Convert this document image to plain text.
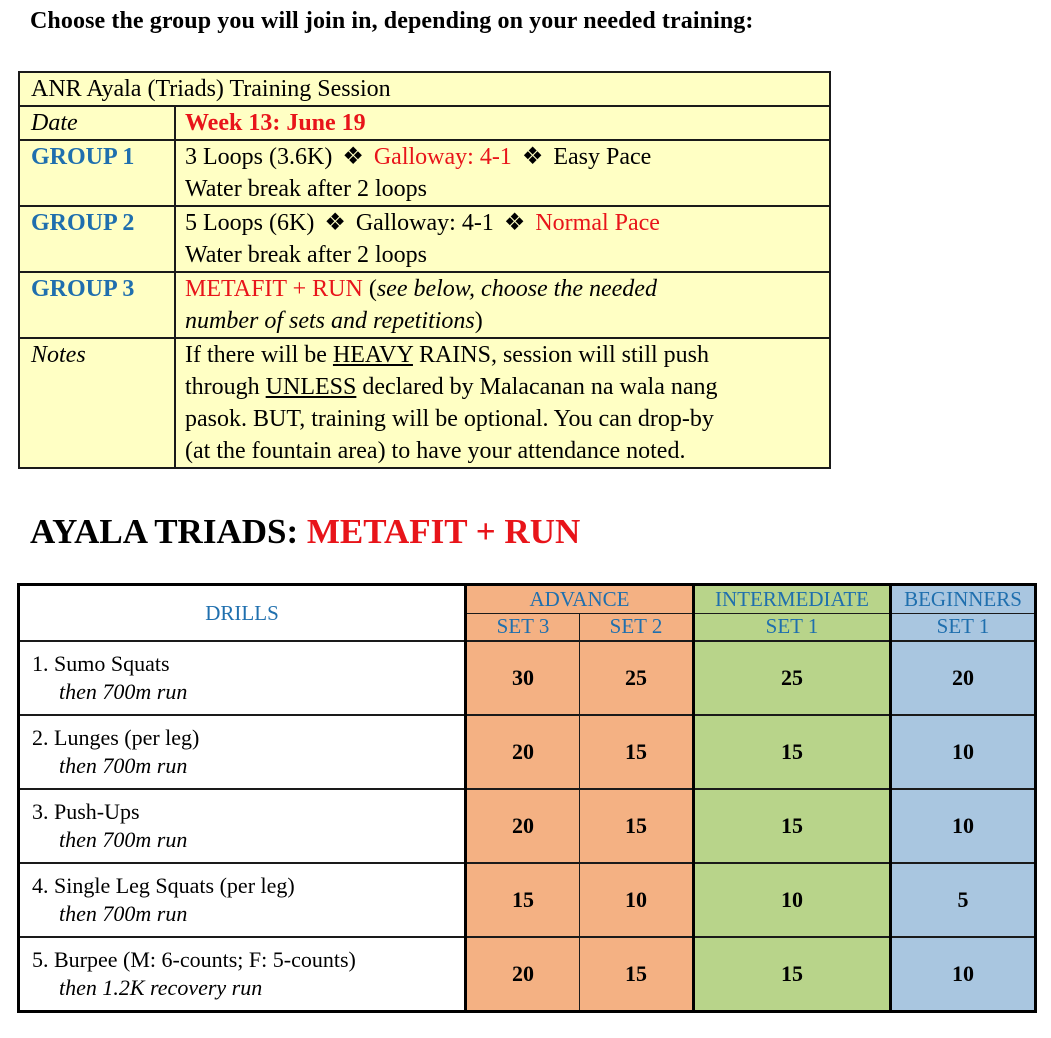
Choose the group you will join in, depending on your needed training:
ANR Ayala (Triads) Training Session	
Date	Week 13: June 19
GROUP 1	3 Loops (3.6K) ❖ Galloway: 4-1 ❖ Easy Pace
Water break after 2 loops
GROUP 2	5 Loops (6K) ❖ Galloway: 4-1 ❖ Normal Pace
Water break after 2 loops
GROUP 3	METAFIT + RUN (see below, choose the needed
number of sets and repetitions)
Notes	If there will be HEAVY RAINS, session will still push
through UNLESS declared by Malacanan na wala nang
pasok. BUT, training will be optional. You can drop-by
(at the fountain area) to have your attendance noted.
AYALA TRIADS: METAFIT + RUN
DRILLS	ADVANCE		INTERMEDIATE	BEGINNERS
	SET 3	SET 2	SET 1	SET 1
1. Sumo Squats
then 700m run	30	25	25	20
2. Lunges (per leg)
then 700m run	20	15	15	10
3. Push-Ups
then 700m run	20	15	15	10
4. Single Leg Squats (per leg)
then 700m run	15	10	10	5
5. Burpee (M: 6-counts; F: 5-counts)
then 1.2K recovery run	20	15	15	10
